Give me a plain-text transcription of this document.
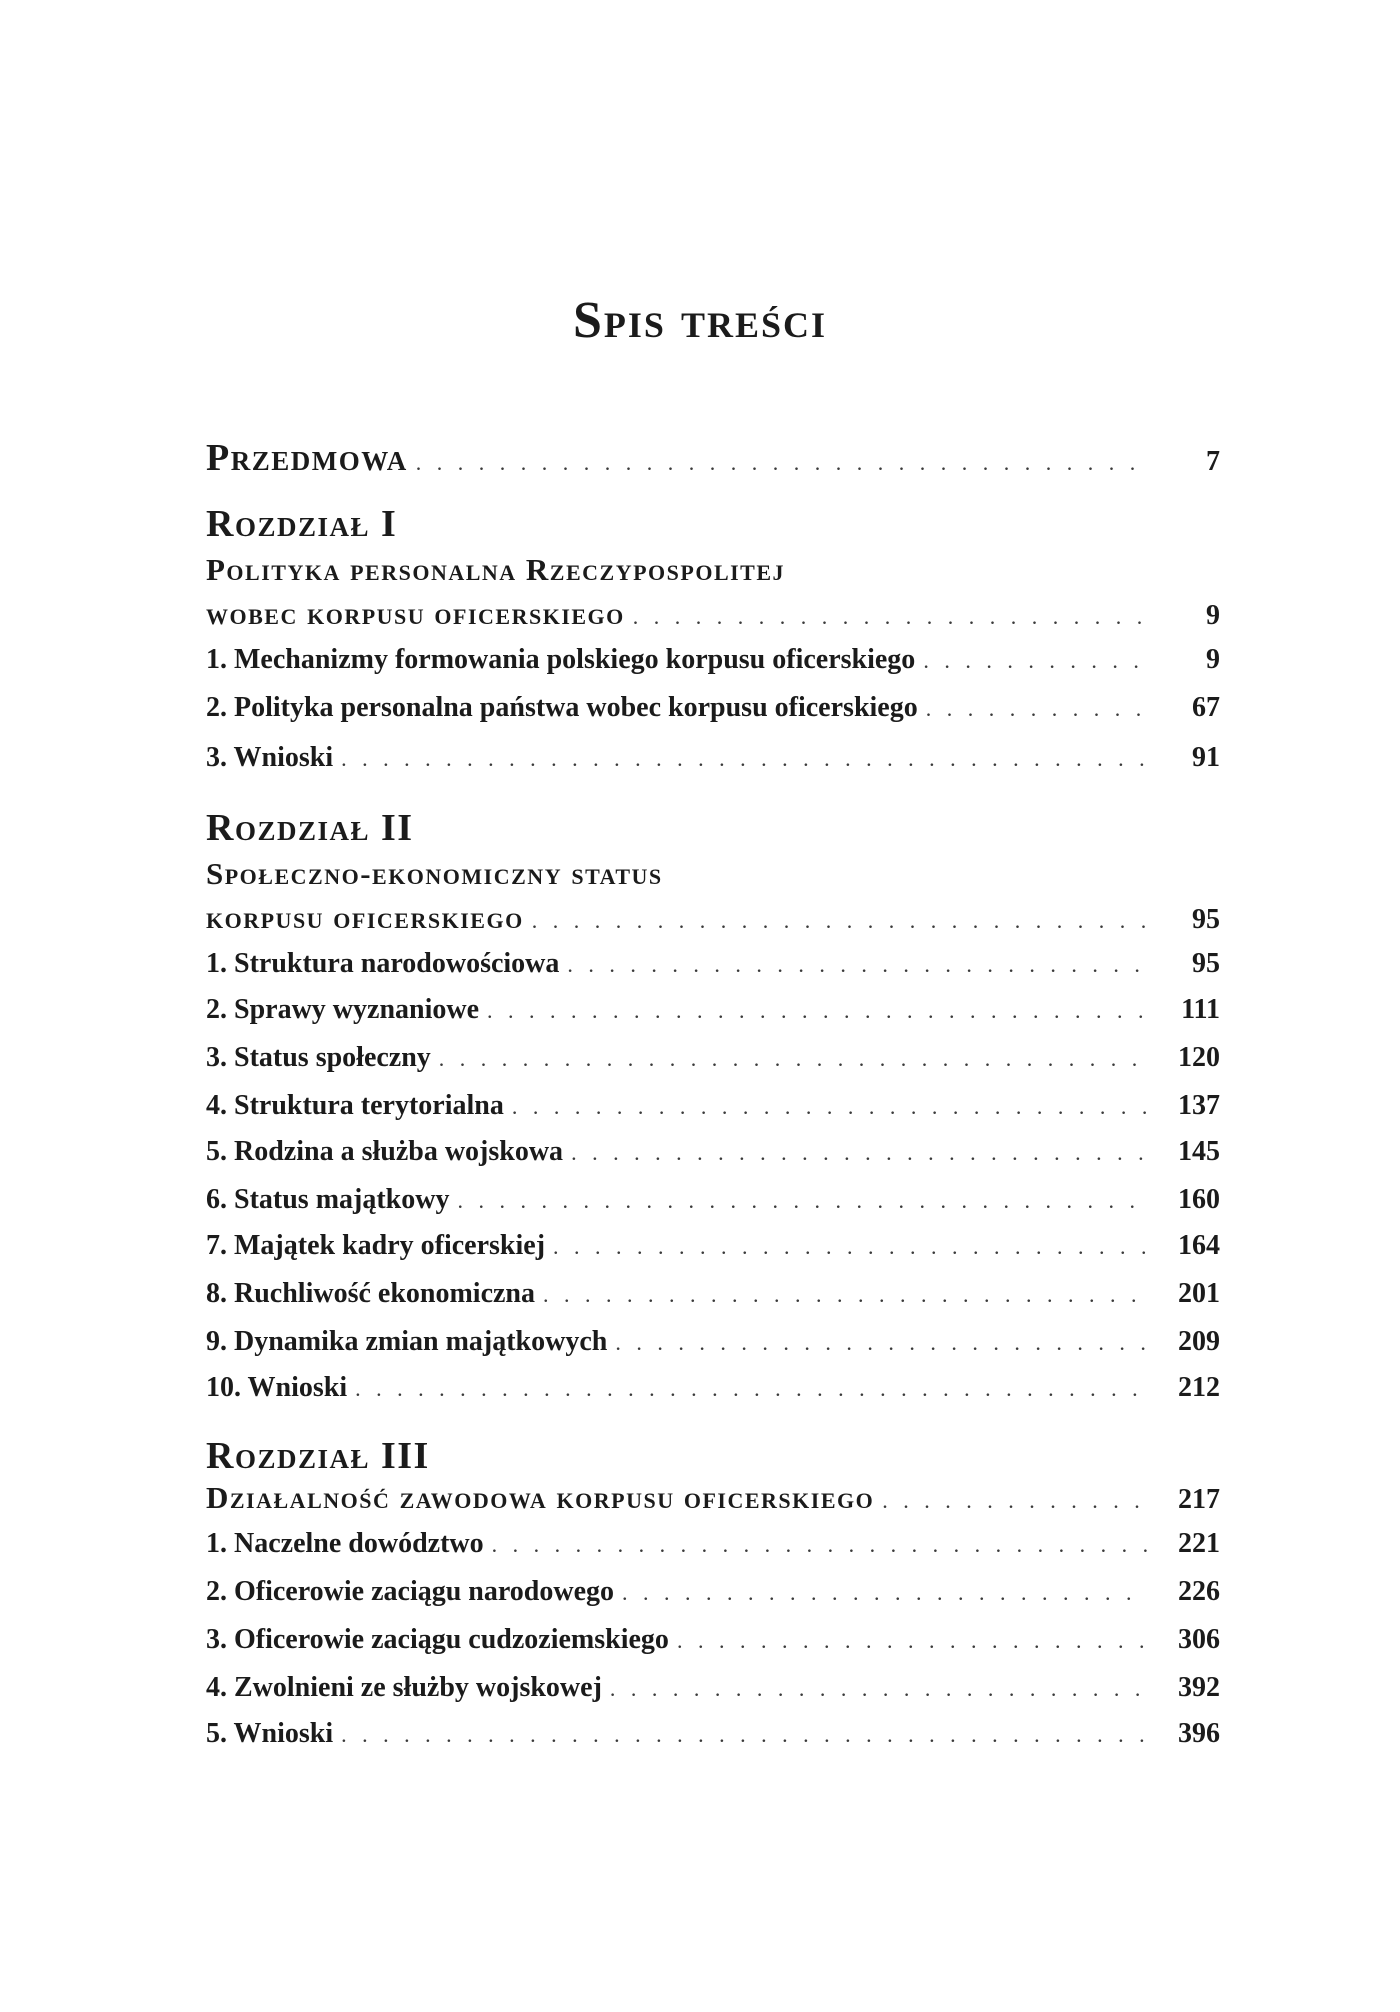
Spis treści
Przedmowa . . .	7
Rozdział I
Polityka personalna Rzeczypospolitej
wobec korpusu oficerskiego . . .	9
1. Mechanizmy formowania polskiego korpusu oficerskiego . . .	9
2. Polityka personalna państwa wobec korpusu oficerskiego . . .	67
3. Wnioski . . .	91
Rozdział II
Społeczno-ekonomiczny status
korpusu oficerskiego . . .	95
1. Struktura narodowościowa . . .	95
2. Sprawy wyznaniowe . . .	111
3. Status społeczny . . .	120
4. Struktura terytorialna . . .	137
5. Rodzina a służba wojskowa . . .	145
6. Status majątkowy . . .	160
7. Majątek kadry oficerskiej . . .	164
8. Ruchliwość ekonomiczna . . .	201
9. Dynamika zmian majątkowych . . .	209
10. Wnioski . . .	212
Rozdział III
Działalność zawodowa korpusu oficerskiego . . .	217
1. Naczelne dowództwo . . .	221
2. Oficerowie zaciągu narodowego . . .	226
3. Oficerowie zaciągu cudzoziemskiego . . .	306
4. Zwolnieni ze służby wojskowej . . .	392
5. Wnioski . . .	396
